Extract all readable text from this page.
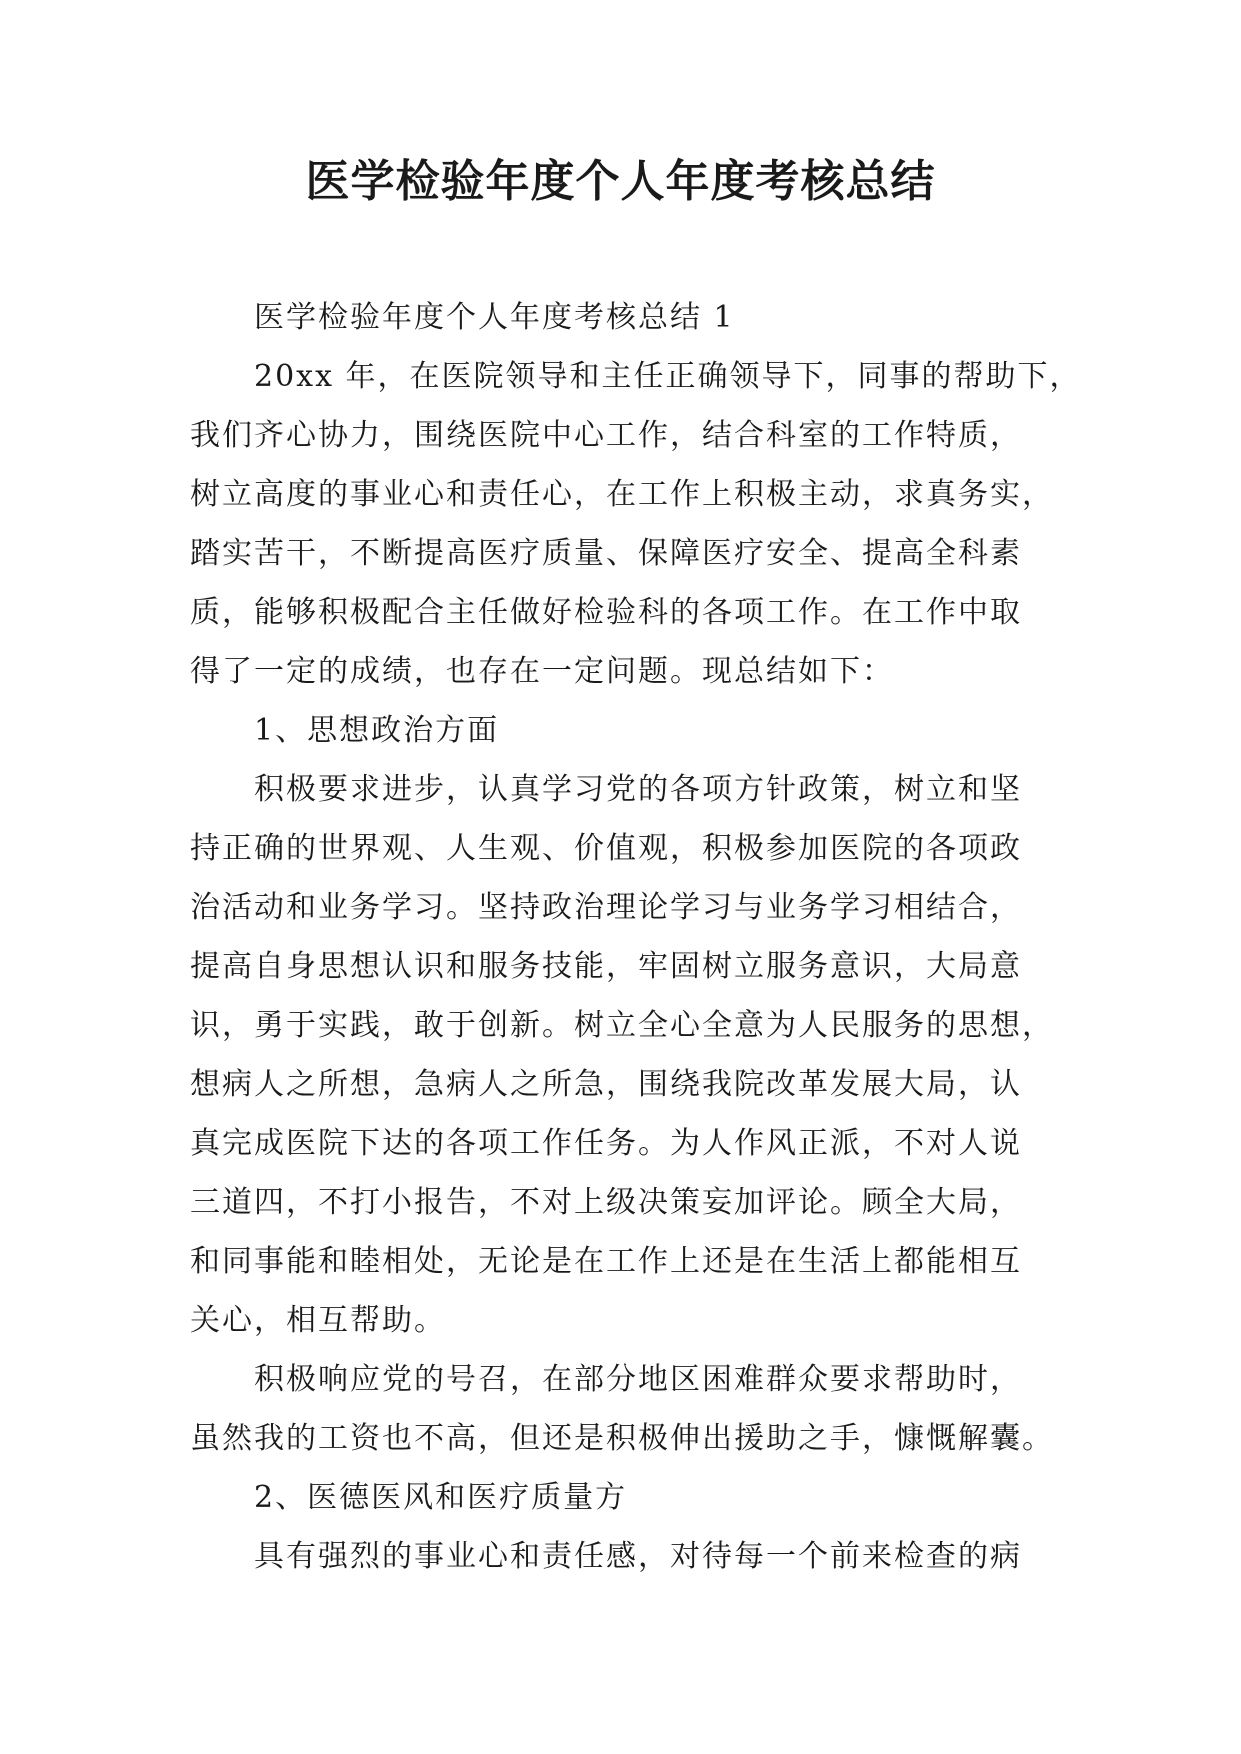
医学检验年度个人年度考核总结
医学检验年度个人年度考核总结 1
20xx 年，在医院领导和主任正确领导下，同事的帮助下，
我们齐心协力，围绕医院中心工作，结合科室的工作特质，
树立高度的事业心和责任心，在工作上积极主动，求真务实，
踏实苦干，不断提高医疗质量、保障医疗安全、提高全科素
质，能够积极配合主任做好检验科的各项工作。在工作中取
得了一定的成绩，也存在一定问题。现总结如下：
1、思想政治方面
积极要求进步，认真学习党的各项方针政策，树立和坚
持正确的世界观、人生观、价值观，积极参加医院的各项政
治活动和业务学习。坚持政治理论学习与业务学习相结合，
提高自身思想认识和服务技能，牢固树立服务意识，大局意
识，勇于实践，敢于创新。树立全心全意为人民服务的思想，
想病人之所想，急病人之所急，围绕我院改革发展大局，认
真完成医院下达的各项工作任务。为人作风正派，不对人说
三道四，不打小报告，不对上级决策妄加评论。顾全大局，
和同事能和睦相处，无论是在工作上还是在生活上都能相互
关心，相互帮助。
积极响应党的号召，在部分地区困难群众要求帮助时，
虽然我的工资也不高，但还是积极伸出援助之手，慷慨解囊。
2、医德医风和医疗质量方
具有强烈的事业心和责任感，对待每一个前来检查的病
